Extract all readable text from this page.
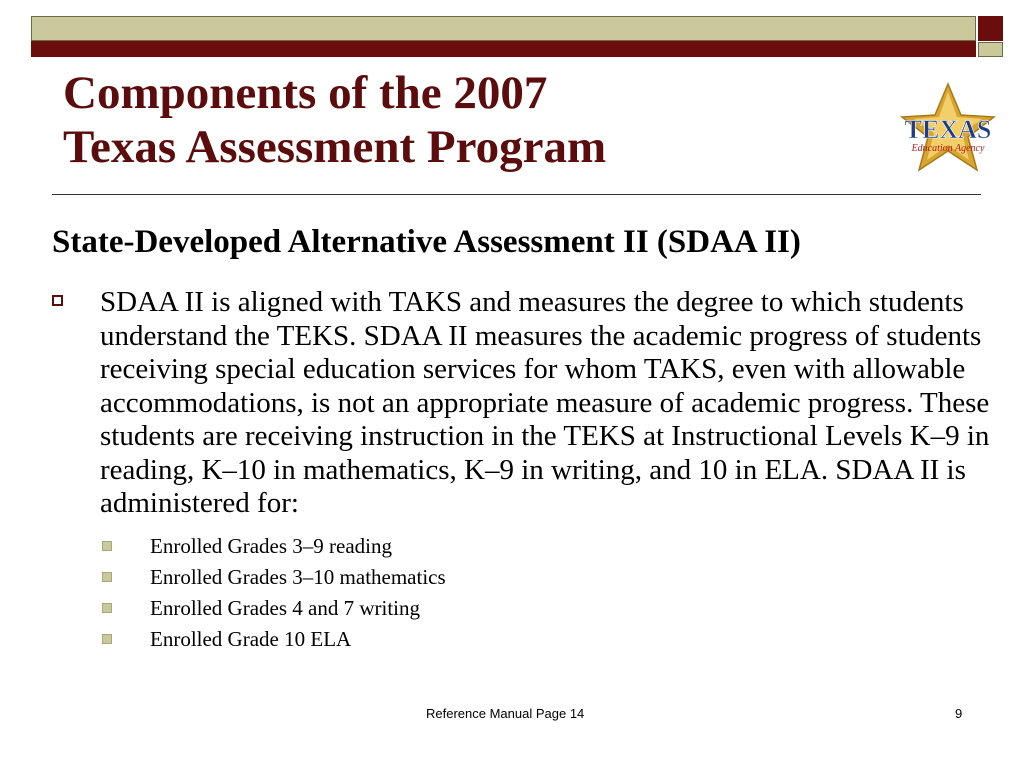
Components of the 2007
Texas Assessment Program	TEXAS
Education Agency
State-Developed Alternative Assessment II (SDAA II)

SDAA II is aligned with TAKS and measures the degree to which students understand the TEKS. SDAA II measures the academic progress of students receiving special education services for whom TAKS, even with allowable accommodations, is not an appropriate measure of academic progress. These students are receiving instruction in the TEKS at Instructional Levels K–9 in reading, K–10 in mathematics, K–9 in writing, and 10 in ELA. SDAA II is administered for:

Enrolled Grades 3–9 reading
Enrolled Grades 3–10 mathematics
Enrolled Grades 4 and 7 writing
Enrolled Grade 10 ELA
Reference Manual Page 14	9
